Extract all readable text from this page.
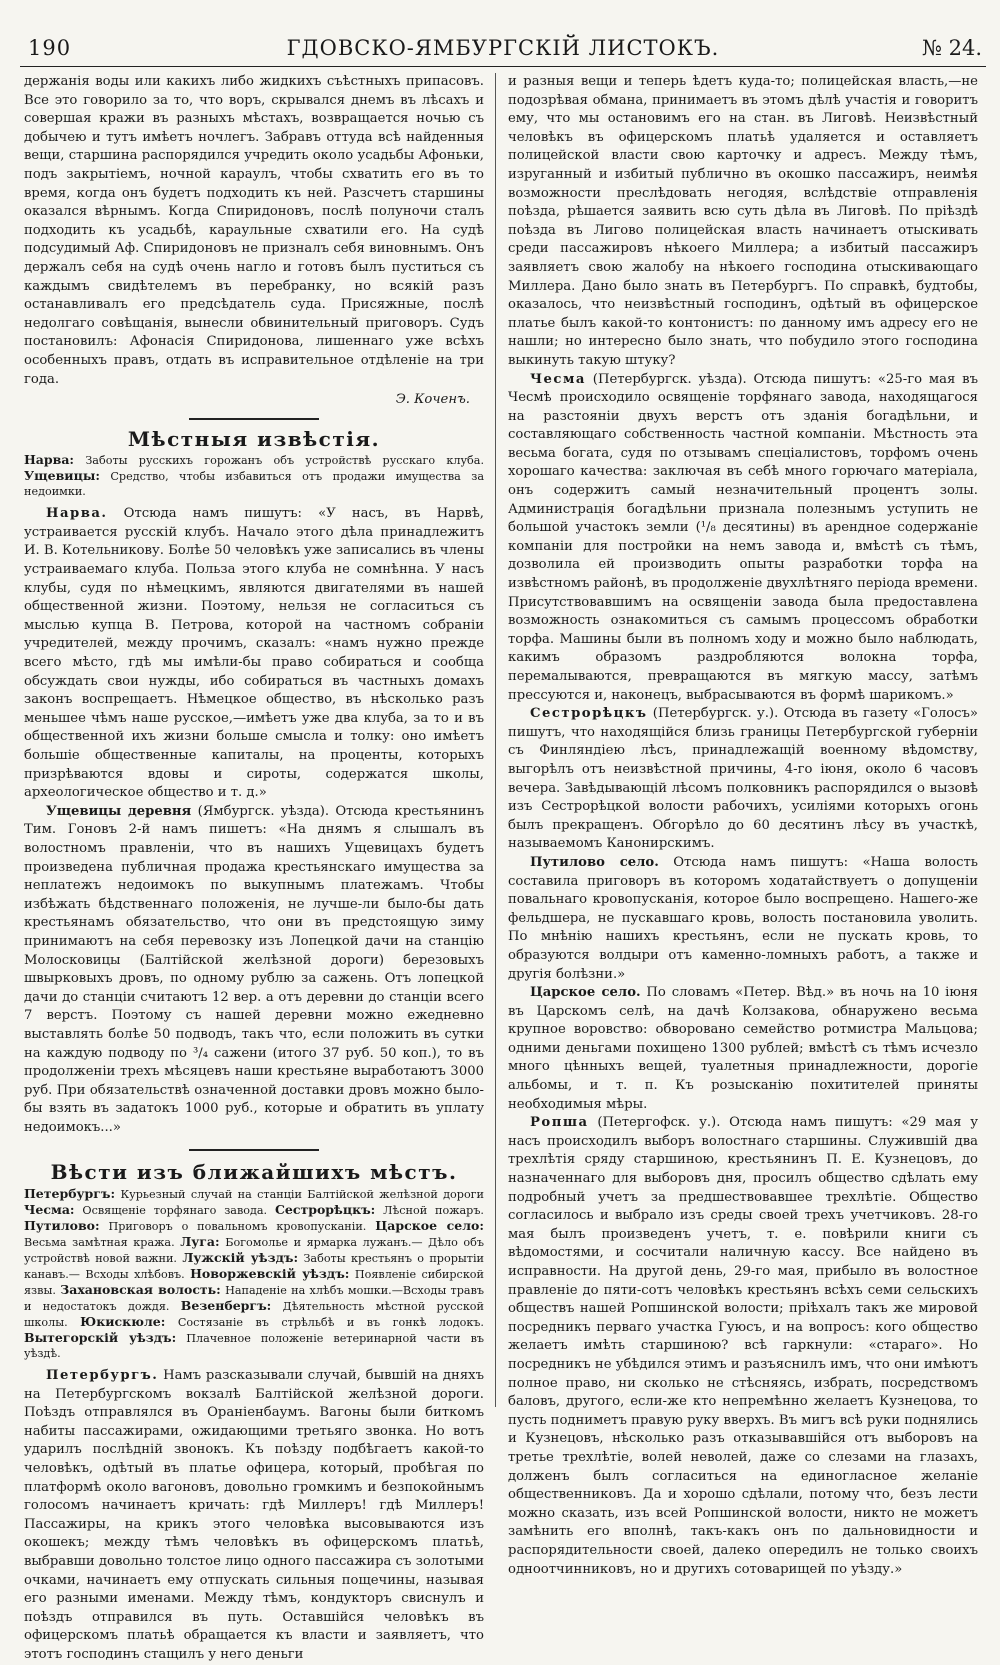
190	ГДОВСКО-ЯМБУРГСКІЙ ЛИСТОКЪ.	№ 24.

держанія воды или какихъ либо жидкихъ съѣстныхъ припасовъ. Все это говорило за то, что воръ, скрывался днемъ въ лѣсахъ и совершая кражи въ разныхъ мѣстахъ, возвращается ночью съ добычею и тутъ имѣетъ ночлегъ. Забравъ оттуда всѣ найденныя вещи, старшина распорядился учредить около усадьбы Афоньки, подъ закрытіемъ, ночной караулъ, чтобы схватить его въ то время, когда онъ будетъ подходить къ ней. Разсчетъ старшины оказался вѣрнымъ. Когда Спиридоновъ, послѣ полуночи сталъ подходить къ усадьбѣ, караульные схватили его. На судѣ подсудимый Аф. Спиридоновъ не призналъ себя виновнымъ. Онъ держалъ себя на судѣ очень нагло и готовъ былъ пуститься съ каждымъ свидѣтелемъ въ перебранку, но всякій разъ останавливалъ его предсѣдатель суда. Присяжные, послѣ недолгаго совѣщанія, вынесли обвинительный приговоръ. Судъ постановилъ: Афонасія Спиридонова, лишеннаго уже всѣхъ особенныхъ правъ, отдать въ исправительное отдѣленіе на три года.

Э. Коченъ.
Мѣстныя извѣстія.

Нарва: Заботы русскихъ горожанъ объ устройствѣ русскаго клуба. Ущевицы: Средство, чтобы избавиться отъ продажи имущества за недоимки.

Нарва. Отсюда намъ пишутъ: «У насъ, въ Нарвѣ, устраивается русскій клубъ. Начало этого дѣла принадлежитъ И. В. Котельникову. Болѣе 50 человѣкъ уже записались въ члены устраиваемаго клуба. Польза этого клуба не сомнѣнна. У насъ клубы, судя по нѣмецкимъ, являются двигателями въ нашей общественной жизни. Поэтому, нельзя не согласиться съ мыслью купца В. Петрова, которой на частномъ собраніи учредителей, между прочимъ, сказалъ: «намъ нужно прежде всего мѣсто, гдѣ мы имѣли-бы право собираться и сообща обсуждать свои нужды, ибо собираться въ частныхъ домахъ законъ воспрещаетъ. Нѣмецкое общество, въ нѣсколько разъ меньшее чѣмъ наше русское,—имѣетъ уже два клуба, за то и въ общественной ихъ жизни больше смысла и толку: оно имѣетъ большіе общественные капиталы, на проценты, которыхъ призрѣваются вдовы и сироты, содержатся школы, археологическое общество и т. д.»

Ущевицы деревня (Ямбургск. уѣзда). Отсюда крестьянинъ Тим. Гоновъ 2-й намъ пишетъ: «На днямъ я слышалъ въ волостномъ правленіи, что въ нашихъ Ущевицахъ будетъ произведена публичная продажа крестьянскаго имущества за неплатежъ недоимокъ по выкупнымъ платежамъ. Чтобы избѣжать бѣдственнаго положенія, не лучше-ли было-бы дать крестьянамъ обязательство, что они въ предстоящую зиму принимаютъ на себя перевозку изъ Лопецкой дачи на станцію Молосковицы (Балтійской желѣзной дороги) березовыхъ швырковыхъ дровъ, по одному рублю за сажень. Отъ лопецкой дачи до станціи считаютъ 12 вер. а отъ деревни до станціи всего 7 верстъ. Поэтому съ нашей деревни можно ежедневно выставлять болѣе 50 подводъ, такъ что, если положить въ сутки на каждую подводу по ³/₄ сажени (итого 37 руб. 50 коп.), то въ продолженіи трехъ мѣсяцевъ наши крестьяне выработаютъ 3000 руб. При обязательствѣ означенной доставки дровъ можно было-бы взять въ задатокъ 1000 руб., которые и обратить въ уплату недоимокъ...»

Вѣсти изъ ближайшихъ мѣстъ.

Петербургъ: Курьезный случай на станціи Балтійской желѣзной дороги Чесма: Освященіе торфянаго завода. Сестрорѣцкъ: Лѣсной пожаръ. Путилово: Приговоръ о повальномъ кровопусканіи. Царское село: Весьма замѣтная кража. Луга: Богомолье и ярмарка лужанъ.— Дѣло объ устройствѣ новой важни. Лужскій уѣздъ: Заботы крестьянъ о прорытіи канавъ.— Всходы хлѣбовъ. Новоржевскій уѣздъ: Появленіе сибирской язвы. Захановская волость: Нападеніе на хлѣбъ мошки.—Всходы травъ и недостатокъ дождя. Везенбергъ: Дѣятельность мѣстной русской школы. Юкискюле: Состязаніе въ стрѣльбѣ и въ гонкѣ лодокъ. Вытегорскій уѣздъ: Плачевное положеніе ветеринарной части въ уѣздѣ.

Петербургъ. Намъ разсказывали случай, бывшій на дняхъ на Петербургскомъ вокзалѣ Балтійской желѣзной дороги. Поѣздъ отправлялся въ Ораніенбаумъ. Вагоны были биткомъ набиты пассажирами, ожидающими третьяго звонка. Но вотъ ударилъ послѣдній звонокъ. Къ поѣзду подбѣгаетъ какой-то человѣкъ, одѣтый въ платье офицера, который, пробѣгая по платформѣ около вагоновъ, довольно громкимъ и безпокойнымъ голосомъ начинаетъ кричать: гдѣ Миллеръ! гдѣ Миллеръ! Пассажиры, на крикъ этого человѣка высовываются изъ окошекъ; между тѣмъ человѣкъ въ офицерскомъ платьѣ, выбравши довольно толстое лицо одного пассажира съ золотыми очками, начинаетъ ему отпускать сильныя пощечины, называя его разными именами. Между тѣмъ, кондукторъ свиснулъ и поѣздъ отправился въ путь. Оставшійся человѣкъ въ офицерскомъ платьѣ обращается къ власти и заявляетъ, что этотъ господинъ стащилъ у него деньги

и разныя вещи и теперь ѣдетъ куда-то; полицейская власть,—не подозрѣвая обмана, принимаетъ въ этомъ дѣлѣ участія и говоритъ ему, что мы остановимъ его на стан. въ Лиговѣ. Неизвѣстный человѣкъ въ офицерскомъ платьѣ удаляется и оставляетъ полицейской власти свою карточку и адресъ. Между тѣмъ, изруганный и избитый публично въ окошко пассажиръ, неимѣя возможности преслѣдовать негодяя, вслѣдствіе отправленія поѣзда, рѣшается заявить всю суть дѣла въ Лиговѣ. По пріѣздѣ поѣзда въ Лигово полицейская власть начинаетъ отыскивать среди пассажировъ нѣкоего Миллера; а избитый пассажиръ заявляетъ свою жалобу на нѣкоего господина отыскивающаго Миллера. Дано было знать въ Петербургъ. По справкѣ, будтобы, оказалось, что неизвѣстный господинъ, одѣтый въ офицерское платье былъ какой-то контонистъ: по данному имъ адресу его не нашли; но интересно было знать, что побудило этого господина выкинуть такую штуку?

Чесма (Петербургск. уѣзда). Отсюда пишутъ: «25-го мая въ Чесмѣ происходило освященіе торфянаго завода, находящагося на разстояніи двухъ верстъ отъ зданія богадѣльни, и составляющаго собственность частной компаніи. Мѣстность эта весьма богата, судя по отзывамъ спеціалистовъ, торфомъ очень хорошаго качества: заключая въ себѣ много горючаго матеріала, онъ содержитъ самый незначительный процентъ золы. Администрація богадѣльни признала полезнымъ уступить не большой участокъ земли (¹/₈ десятины) въ арендное содержаніе компаніи для постройки на немъ завода и, вмѣстѣ съ тѣмъ, дозволила ей производить опыты разработки торфа на извѣстномъ районѣ, въ продолженіе двухлѣтняго періода времени. Присутствовавшимъ на освященіи завода была предоставлена возможность ознакомиться съ самымъ процессомъ обработки торфа. Машины были въ полномъ ходу и можно было наблюдать, какимъ образомъ раздробляются волокна торфа, перемалываются, превращаются въ мягкую массу, затѣмъ прессуются и, наконецъ, выбрасываются въ формѣ шарикомъ.»

Сестрорѣцкъ (Петербургск. у.). Отсюда въ газету «Голосъ» пишутъ, что находящійся близь границы Петербургской губерніи съ Финляндіею лѣсъ, принадлежащій военному вѣдомству, выгорѣлъ отъ неизвѣстной причины, 4-го іюня, около 6 часовъ вечера. Завѣдывающій лѣсомъ полковникъ распорядился о вызовѣ изъ Сестрорѣцкой волости рабочихъ, усиліями которыхъ огонь былъ прекращенъ. Обгорѣло до 60 десятинъ лѣсу въ участкѣ, называемомъ Канонирскимъ.

Путилово село. Отсюда намъ пишутъ: «Наша волость составила приговоръ въ которомъ ходатайствуетъ о допущеніи повальнаго кровопусканія, которое было воспрещено. Нашего-же фельдшера, не пускавшаго кровь, волость постановила уволить. По мнѣнію нашихъ крестьянъ, если не пускать кровь, то образуются волдыри отъ каменно-ломныхъ работъ, а также и другія болѣзни.»

Царское село. По словамъ «Петер. Вѣд.» въ ночь на 10 іюня въ Царскомъ селѣ, на дачѣ Колзакова, обнаружено весьма крупное воровство: обворовано семейство ротмистра Мальцова; одними деньгами похищено 1300 рублей; вмѣстѣ съ тѣмъ исчезло много цѣнныхъ вещей, туалетныя принадлежности, дорогіе альбомы, и т. п. Къ розысканію похитителей приняты необходимыя мѣры.

Ропша (Петергофск. у.). Отсюда намъ пишутъ: «29 мая у насъ происходилъ выборъ волостнаго старшины. Служившій два трехлѣтія сряду старшиною, крестьянинъ П. Е. Кузнецовъ, до назначеннаго для выборовъ дня, просилъ общество сдѣлать ему подробный учетъ за предшествовавшее трехлѣтіе. Общество согласилось и выбрало изъ среды своей трехъ учетчиковъ. 28-го мая былъ произведенъ учетъ, т. е. повѣрили книги съ вѣдомостями, и сосчитали наличную кассу. Все найдено въ исправности. На другой день, 29-го мая, прибыло въ волостное правленіе до пяти-сотъ человѣкъ крестьянъ всѣхъ семи сельскихъ обществъ нашей Ропшинской волости; пріѣхалъ такъ же мировой посредникъ перваго участка Гуюсъ, и на вопросъ: кого общество желаетъ имѣть старшиною? всѣ гаркнули: «стараго». Но посредникъ не убѣдился этимъ и разъяснилъ имъ, что они имѣютъ полное право, ни сколько не стѣсняясь, избрать, посредствомъ баловъ, другого, если-же кто непремѣнно желаетъ Кузнецова, то пусть подниметъ правую руку вверхъ. Въ мигъ всѣ руки поднялись и Кузнецовъ, нѣсколько разъ отказывавшійся отъ выборовъ на третье трехлѣтіе, волей неволей, даже со слезами на глазахъ, долженъ былъ согласиться на единогласное желаніе общественниковъ. Да и хорошо сдѣлали, потому что, безъ лести можно сказать, изъ всей Ропшинской волости, никто не можетъ замѣнить его вполнѣ, такъ-какъ онъ по дальновидности и распорядительности своей, далеко опередилъ не только своихъ одноотчинниковъ, но и другихъ сотоварищей по уѣзду.»
